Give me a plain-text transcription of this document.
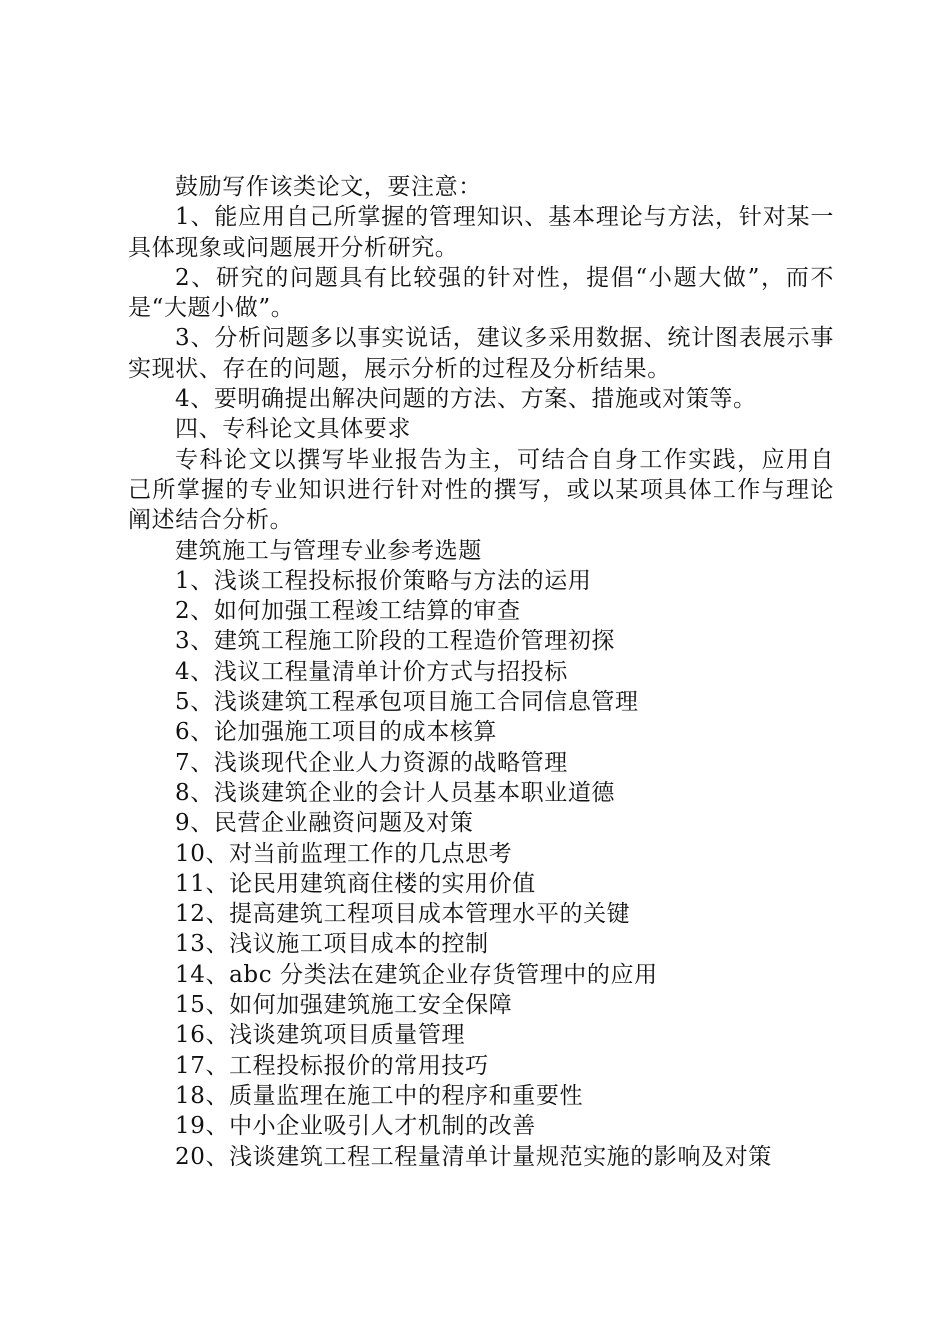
鼓励写作该类论文，要注意：

1、能应用自己所掌握的管理知识、基本理论与方法，针对某一具体现象或问题展开分析研究。

2、研究的问题具有比较强的针对性，提倡“小题大做”，而不是“大题小做”。

3、分析问题多以事实说话，建议多采用数据、统计图表展示事实现状、存在的问题，展示分析的过程及分析结果。

4、要明确提出解决问题的方法、方案、措施或对策等。

四、专科论文具体要求

专科论文以撰写毕业报告为主，可结合自身工作实践，应用自己所掌握的专业知识进行针对性的撰写，或以某项具体工作与理论阐述结合分析。

建筑施工与管理专业参考选题

1、浅谈工程投标报价策略与方法的运用

2、如何加强工程竣工结算的审查

3、建筑工程施工阶段的工程造价管理初探

4、浅议工程量清单计价方式与招投标

5、浅谈建筑工程承包项目施工合同信息管理

6、论加强施工项目的成本核算

7、浅谈现代企业人力资源的战略管理

8、浅谈建筑企业的会计人员基本职业道德

9、民营企业融资问题及对策

10、对当前监理工作的几点思考

11、论民用建筑商住楼的实用价值

12、提高建筑工程项目成本管理水平的关键

13、浅议施工项目成本的控制

14、abc 分类法在建筑企业存货管理中的应用

15、如何加强建筑施工安全保障

16、浅谈建筑项目质量管理

17、工程投标报价的常用技巧

18、质量监理在施工中的程序和重要性

19、中小企业吸引人才机制的改善

20、浅谈建筑工程工程量清单计量规范实施的影响及对策
